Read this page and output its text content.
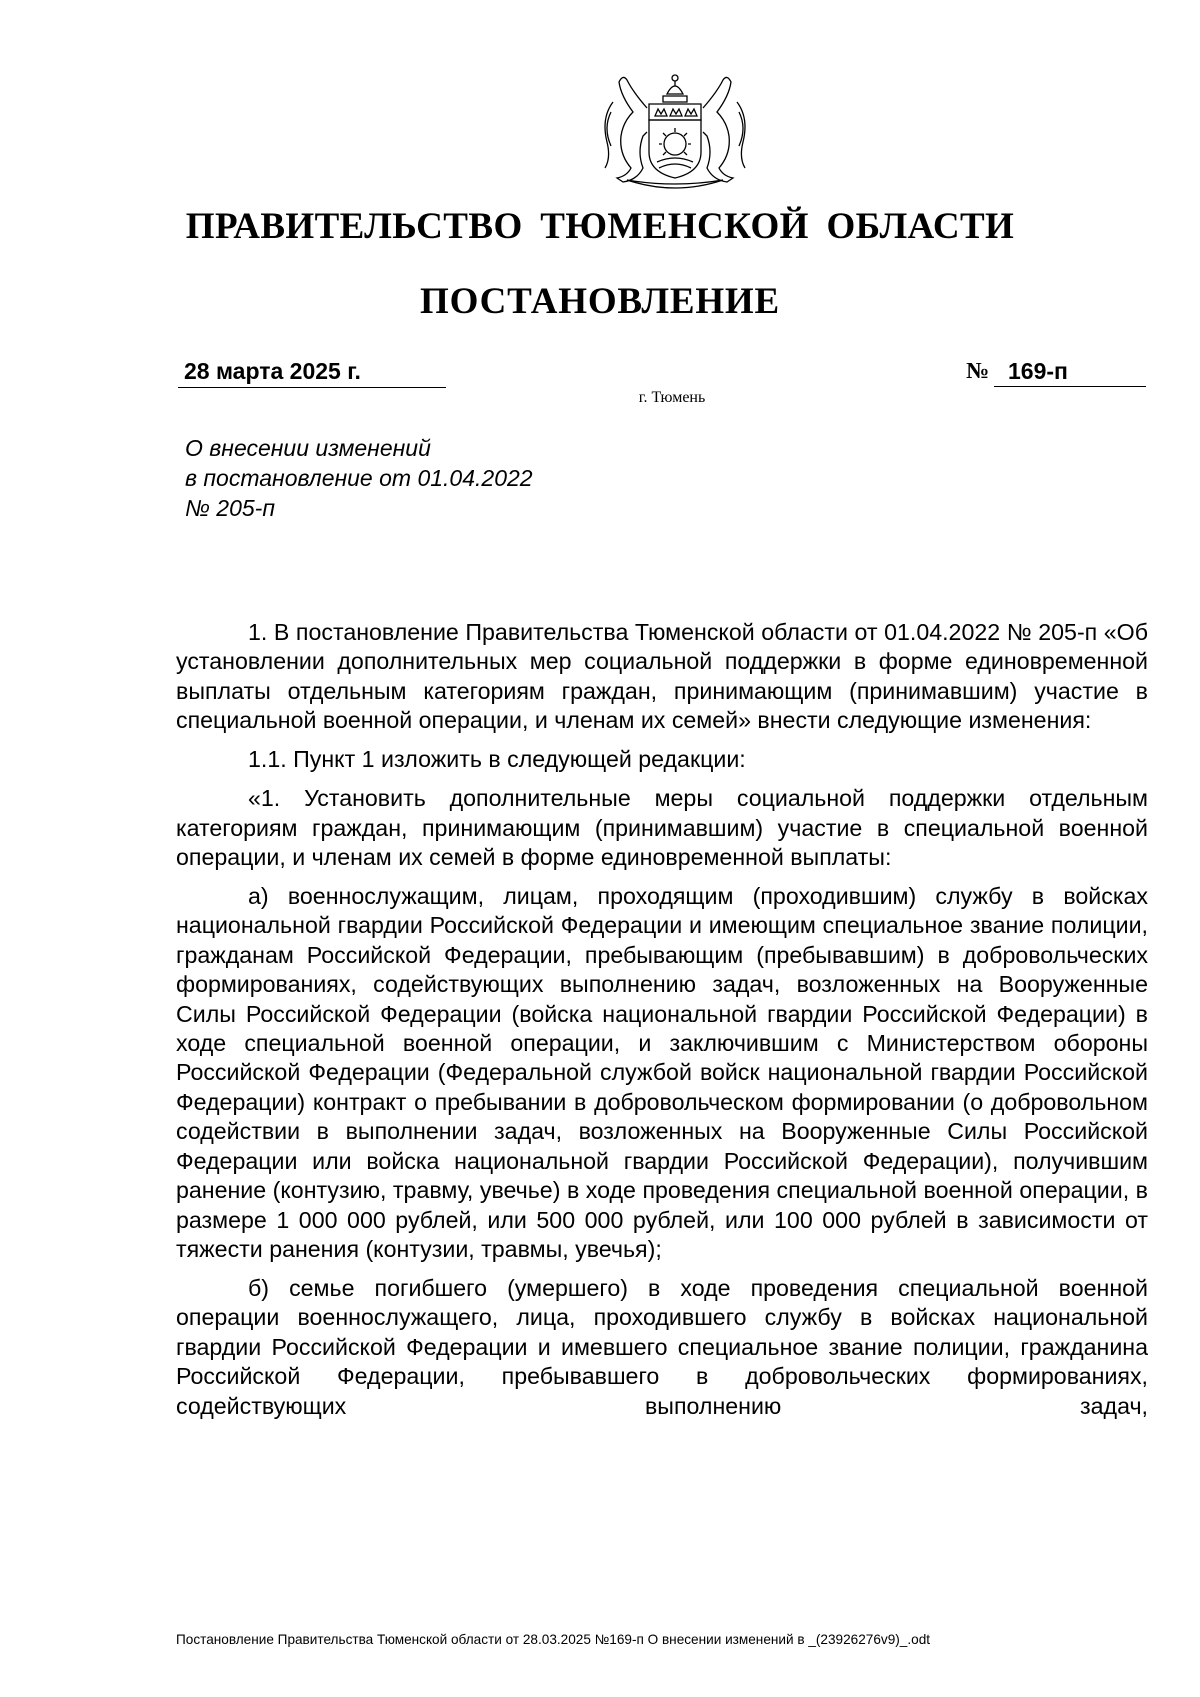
ПРАВИТЕЛЬСТВО ТЮМЕНСКОЙ ОБЛАСТИ
ПОСТАНОВЛЕНИЕ
28 марта 2025 г.	№ 169-п
г. Тюмень
О внесении изменений
в постановление от 01.04.2022
№ 205-п

1. В постановление Правительства Тюменской области от 01.04.2022 № 205-п «Об установлении дополнительных мер социальной поддержки в форме единовременной выплаты отдельным категориям граждан, принимающим (принимавшим) участие в специальной военной операции, и членам их семей» внести следующие изменения:

1.1. Пункт 1 изложить в следующей редакции:

«1. Установить дополнительные меры социальной поддержки отдельным категориям граждан, принимающим (принимавшим) участие в специальной военной операции, и членам их семей в форме единовременной выплаты:

а) военнослужащим, лицам, проходящим (проходившим) службу в войсках национальной гвардии Российской Федерации и имеющим специальное звание полиции, гражданам Российской Федерации, пребывающим (пребывавшим) в добровольческих формированиях, содействующих выполнению задач, возложенных на Вооруженные Силы Российской Федерации (войска национальной гвардии Российской Федерации) в ходе специальной военной операции, и заключившим с Министерством обороны Российской Федерации (Федеральной службой войск национальной гвардии Российской Федерации) контракт о пребывании в добровольческом формировании (о добровольном содействии в выполнении задач, возложенных на Вооруженные Силы Российской Федерации или войска национальной гвардии Российской Федерации), получившим ранение (контузию, травму, увечье) в ходе проведения специальной военной операции, в размере 1 000 000 рублей, или 500 000 рублей, или 100 000 рублей в зависимости от тяжести ранения (контузии, травмы, увечья);

б) семье погибшего (умершего) в ходе проведения специальной военной операции военнослужащего, лица, проходившего службу в войсках национальной гвардии Российской Федерации и имевшего специальное звание полиции, гражданина Российской Федерации, пребывавшего в добровольческих формированиях, содействующих выполнению задач,

Постановление Правительства Тюменской области от 28.03.2025 №169-п О внесении изменений в _(23926276v9)_.odt
